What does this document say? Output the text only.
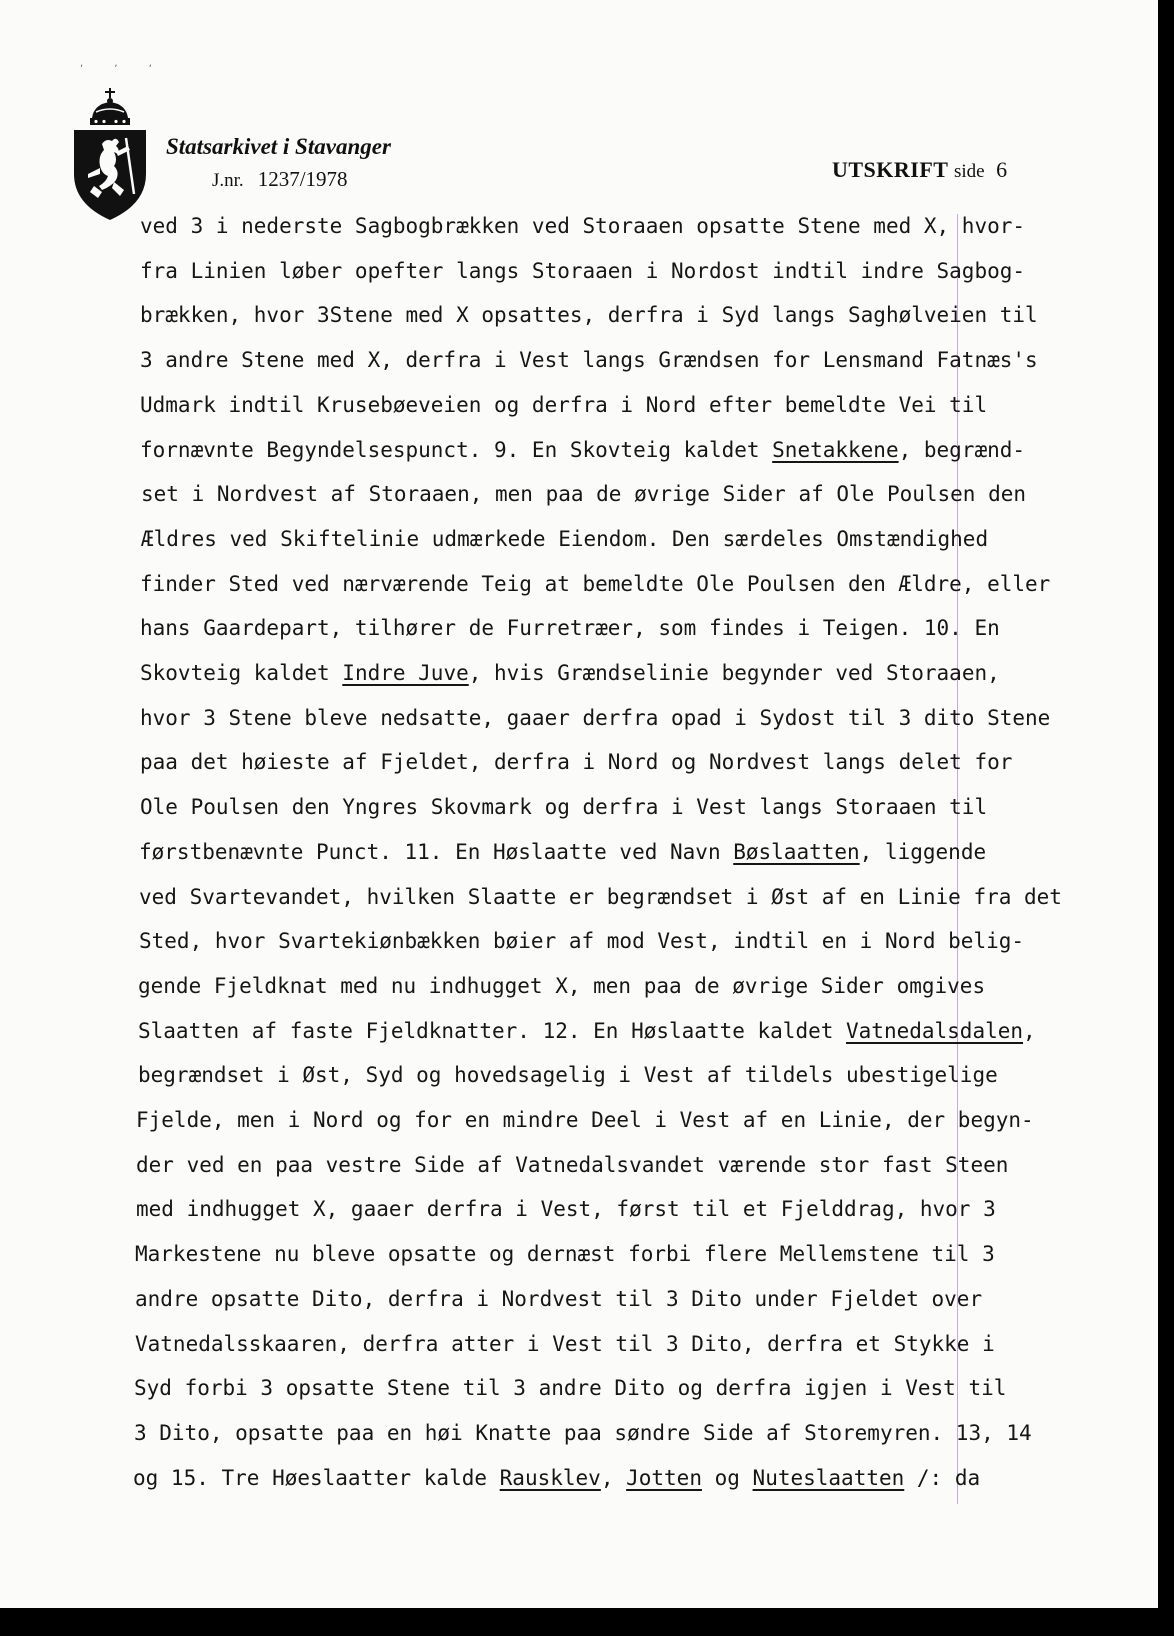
, , ,
Statsarkivet i Stavanger
J.nr. 1237/1978	UTSKRIFT side 6
ved 3 i nederste Sagbogbrækken ved Storaaen opsatte Stene med X, hvor-
fra Linien løber opefter langs Storaaen i Nordost indtil indre Sagbog-
brækken, hvor 3Stene med X opsattes, derfra i Syd langs Saghølveien til
3 andre Stene med X, derfra i Vest langs Grændsen for Lensmand Fatnæs's
Udmark indtil Krusebøeveien og derfra i Nord efter bemeldte Vei til
fornævnte Begyndelsespunct. 9. En Skovteig kaldet Snetakkene, begrænd-
set i Nordvest af Storaaen, men paa de øvrige Sider af Ole Poulsen den
Ældres ved Skiftelinie udmærkede Eiendom. Den særdeles Omstændighed
finder Sted ved nærværende Teig at bemeldte Ole Poulsen den Ældre, eller
hans Gaardepart, tilhører de Furretræer, som findes i Teigen. 10. En
Skovteig kaldet Indre Juve, hvis Grændselinie begynder ved Storaaen,
hvor 3 Stene bleve nedsatte, gaaer derfra opad i Sydost til 3 dito Stene
paa det høieste af Fjeldet, derfra i Nord og Nordvest langs delet for
Ole Poulsen den Yngres Skovmark og derfra i Vest langs Storaaen til
førstbenævnte Punct. 11. En Høslaatte ved Navn Bøslaatten, liggende
ved Svartevandet, hvilken Slaatte er begrændset i Øst af en Linie fra det
Sted, hvor Svartekiønbækken bøier af mod Vest, indtil en i Nord belig-
gende Fjeldknat med nu indhugget X, men paa de øvrige Sider omgives
Slaatten af faste Fjeldknatter. 12. En Høslaatte kaldet Vatnedalsdalen,
begrændset i Øst, Syd og hovedsagelig i Vest af tildels ubestigelige
Fjelde, men i Nord og for en mindre Deel i Vest af en Linie, der begyn-
der ved en paa vestre Side af Vatnedalsvandet værende stor fast Steen
med indhugget X, gaaer derfra i Vest, først til et Fjelddrag, hvor 3
Markestene nu bleve opsatte og dernæst forbi flere Mellemstene til 3
andre opsatte Dito, derfra i Nordvest til 3 Dito under Fjeldet over
Vatnedalsskaaren, derfra atter i Vest til 3 Dito, derfra et Stykke i
Syd forbi 3 opsatte Stene til 3 andre Dito og derfra igjen i Vest til
3 Dito, opsatte paa en høi Knatte paa søndre Side af Storemyren. 13, 14
og 15. Tre Høeslaatter kalde Rausklev, Jotten og Nuteslaatten /: da
